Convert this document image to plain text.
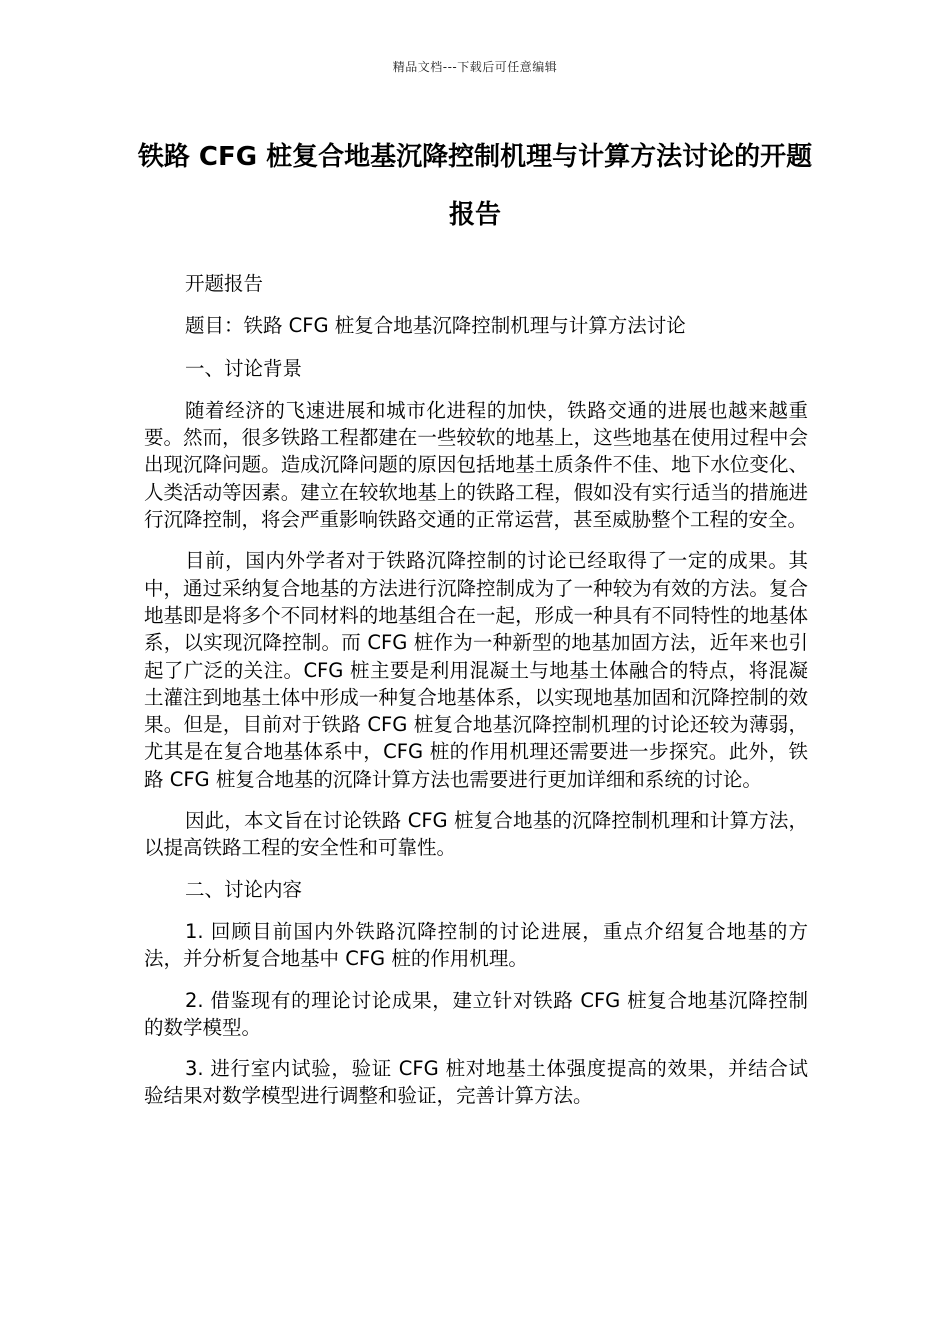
精品文档---下载后可任意编辑
铁路 CFG 桩复合地基沉降控制机理与计算方法讨论的开题报告

开题报告

题目：铁路 CFG 桩复合地基沉降控制机理与计算方法讨论

一、讨论背景

随着经济的飞速进展和城市化进程的加快，铁路交通的进展也越来越重要。然而，很多铁路工程都建在一些较软的地基上，这些地基在使用过程中会出现沉降问题。造成沉降问题的原因包括地基土质条件不佳、地下水位变化、人类活动等因素。建立在较软地基上的铁路工程，假如没有实行适当的措施进行沉降控制，将会严重影响铁路交通的正常运营，甚至威胁整个工程的安全。

目前，国内外学者对于铁路沉降控制的讨论已经取得了一定的成果。其中，通过采纳复合地基的方法进行沉降控制成为了一种较为有效的方法。复合地基即是将多个不同材料的地基组合在一起，形成一种具有不同特性的地基体系，以实现沉降控制。而 CFG 桩作为一种新型的地基加固方法，近年来也引起了广泛的关注。CFG 桩主要是利用混凝土与地基土体融合的特点，将混凝土灌注到地基土体中形成一种复合地基体系，以实现地基加固和沉降控制的效果。但是，目前对于铁路 CFG 桩复合地基沉降控制机理的讨论还较为薄弱，尤其是在复合地基体系中，CFG 桩的作用机理还需要进一步探究。此外，铁路 CFG 桩复合地基的沉降计算方法也需要进行更加详细和系统的讨论。

因此，本文旨在讨论铁路 CFG 桩复合地基的沉降控制机理和计算方法，以提高铁路工程的安全性和可靠性。

二、讨论内容

1. 回顾目前国内外铁路沉降控制的讨论进展，重点介绍复合地基的方法，并分析复合地基中 CFG 桩的作用机理。

2. 借鉴现有的理论讨论成果，建立针对铁路 CFG 桩复合地基沉降控制的数学模型。

3. 进行室内试验，验证 CFG 桩对地基土体强度提高的效果，并结合试验结果对数学模型进行调整和验证，完善计算方法。
